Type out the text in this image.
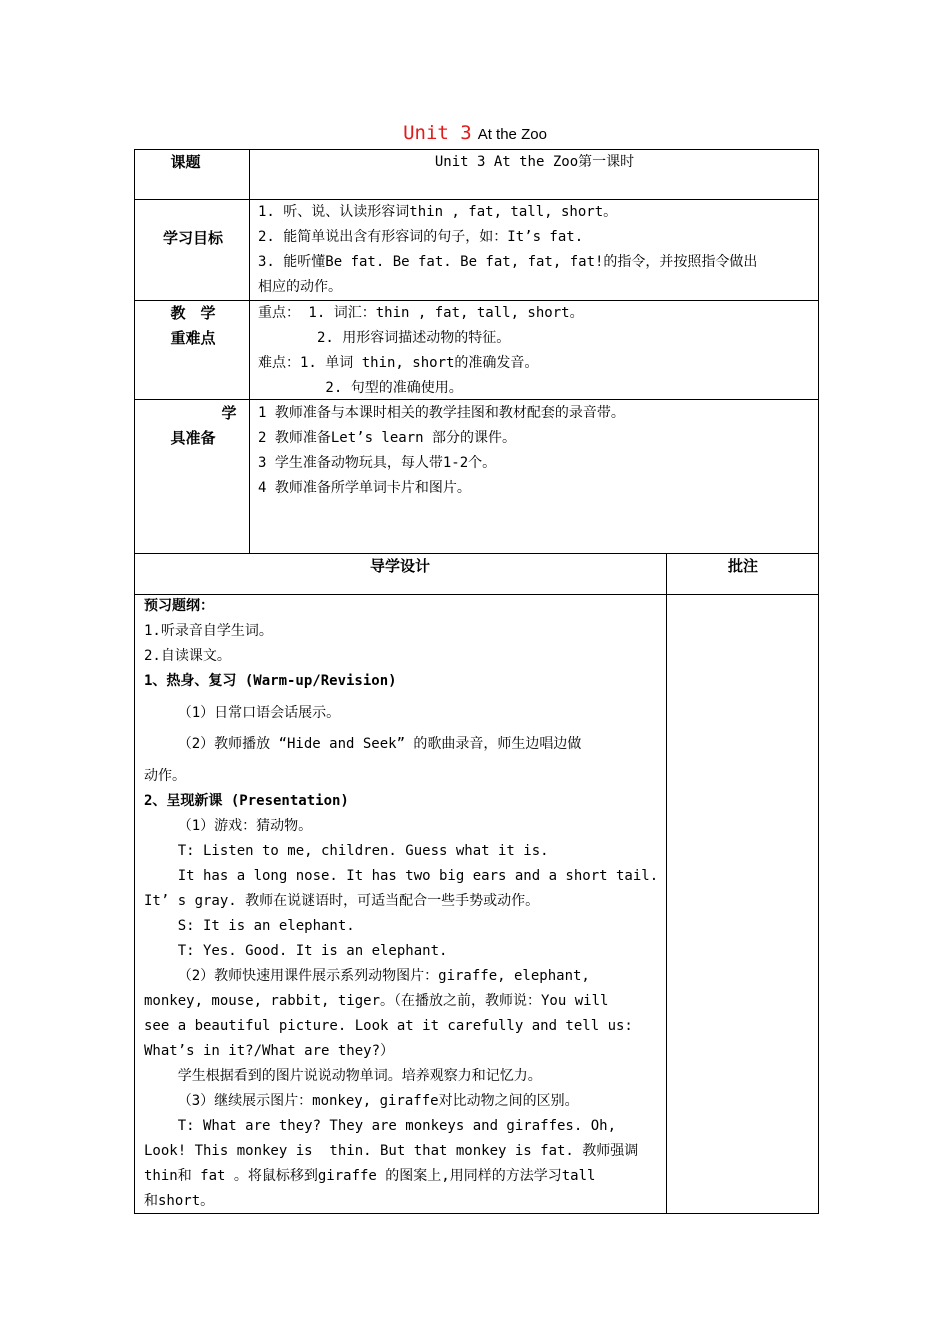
Unit 3 At the Zoo
课题	Unit 3 At the Zoo第一课时
学习目标
1. 听、说、认读形容词thin , fat, tall, short。
2. 能简单说出含有形容词的句子，如：It’s fat.
3. 能听懂Be fat. Be fat. Be fat, fat, fat!的指令，并按照指令做出
相应的动作。
教　学
重难点
重点： 1. 词汇：thin , fat, tall, short。
2. 用形容词描述动物的特征。
难点：1. 单词 thin, short的准确发音。
2. 句型的准确使用。
学
具准备
1 教师准备与本课时相关的教学挂图和教材配套的录音带。
2 教师准备Let’s learn 部分的课件。
3 学生准备动物玩具，每人带1-2个。
4 教师准备所学单词卡片和图片。
导学设计	批注
预习题纲：
1.听录音自学生词。
2.自读课文。
1、热身、复习 (Warm-up/Revision)
（1）日常口语会话展示。
（2）教师播放 “Hide and Seek” 的歌曲录音，师生边唱边做
动作。
2、呈现新课 (Presentation)
（1）游戏：猜动物。
T: Listen to me, children. Guess what it is.
It has a long nose. It has two big ears and a short tail.
It’ s gray. 教师在说谜语时，可适当配合一些手势或动作。
S: It is an elephant.
T: Yes. Good. It is an elephant.
（2）教师快速用课件展示系列动物图片：giraffe, elephant,
monkey, mouse, rabbit, tiger。（在播放之前，教师说：You will
see a beautiful picture. Look at it carefully and tell us:
What’s in it?/What are they?）
学生根据看到的图片说说动物单词。培养观察力和记忆力。
（3）继续展示图片：monkey, giraffe对比动物之间的区别。
T: What are they? They are monkeys and giraffes. Oh,
Look! This monkey is  thin. But that monkey is fat. 教师强调
thin和 fat 。将鼠标移到giraffe 的图案上,用同样的方法学习tall
和short。
